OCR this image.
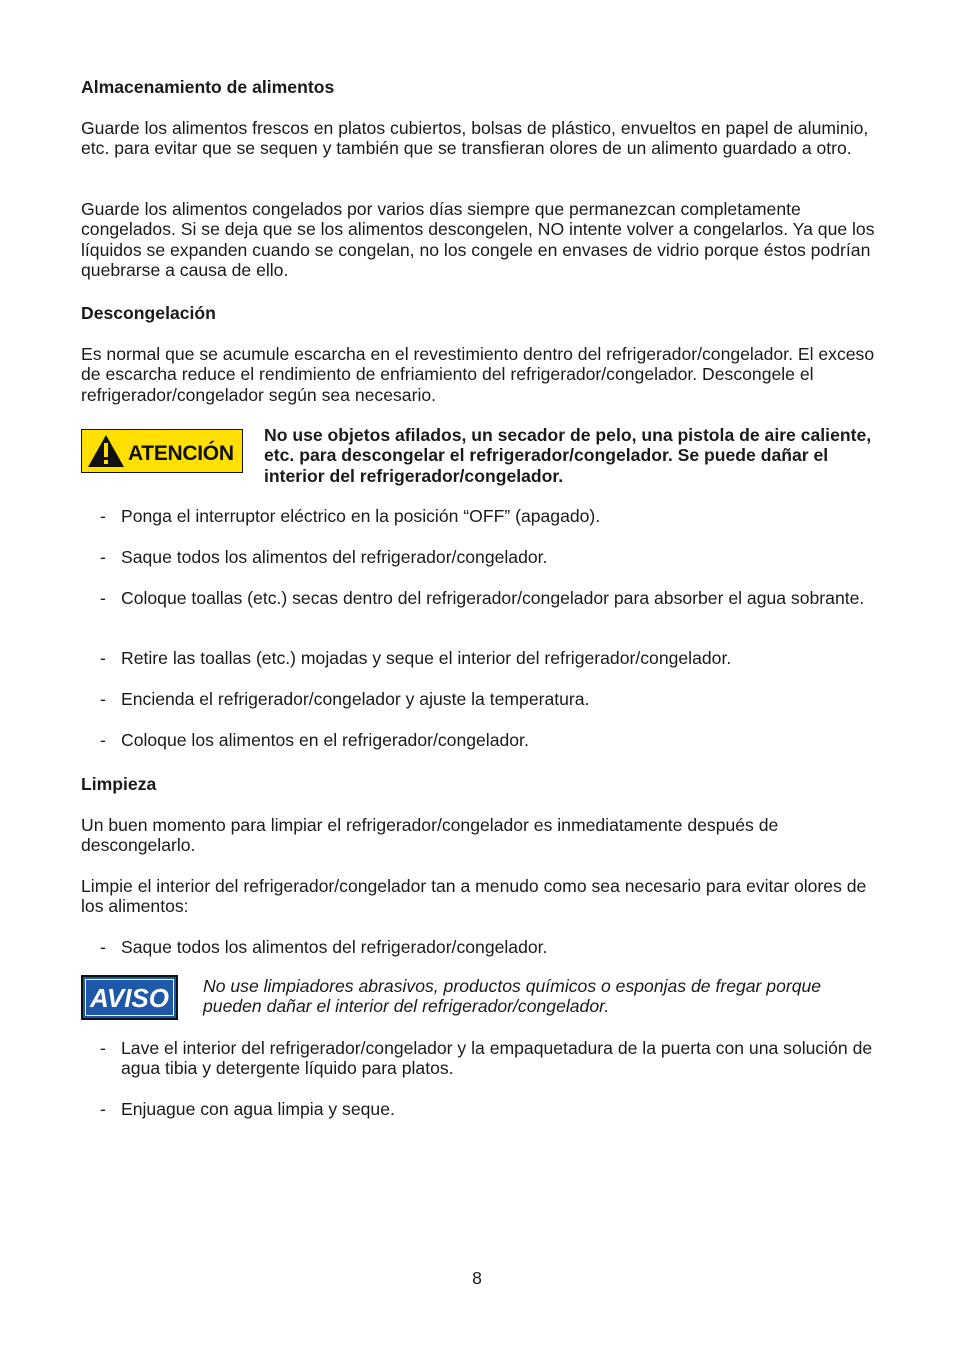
Almacenamiento de alimentos
Guarde los alimentos frescos en platos cubiertos, bolsas de plástico, envueltos en papel de aluminio, etc. para evitar que se sequen y también que se transfieran olores de un alimento guardado a otro.
Guarde los alimentos congelados por varios días siempre que permanezcan completamente congelados. Si se deja que se los alimentos descongelen, NO intente volver a congelarlos. Ya que los líquidos se expanden cuando se congelan, no los congele en envases de vidrio porque éstos podrían quebrarse a causa de ello.
Descongelación
Es normal que se acumule escarcha en el revestimiento dentro del refrigerador/congelador. El exceso de escarcha reduce el rendimiento de enfriamiento del refrigerador/congelador. Descongele el refrigerador/congelador según sea necesario.
ATENCIÓN
No use objetos afilados, un secador de pelo, una pistola de aire caliente, etc. para descongelar el refrigerador/congelador. Se puede dañar el interior del refrigerador/congelador.
- Ponga el interruptor eléctrico en la posición “OFF” (apagado).
- Saque todos los alimentos del refrigerador/congelador.
- Coloque toallas (etc.) secas dentro del refrigerador/congelador para absorber el agua sobrante.
- Retire las toallas (etc.) mojadas y seque el interior del refrigerador/congelador.
- Encienda el refrigerador/congelador y ajuste la temperatura.
- Coloque los alimentos en el refrigerador/congelador.
Limpieza
Un buen momento para limpiar el refrigerador/congelador es inmediatamente después de descongelarlo.
Limpie el interior del refrigerador/congelador tan a menudo como sea necesario para evitar olores de los alimentos:
- Saque todos los alimentos del refrigerador/congelador.
AVISO	No use limpiadores abrasivos, productos químicos o esponjas de fregar porque pueden dañar el interior del refrigerador/congelador.
- Lave el interior del refrigerador/congelador y la empaquetadura de la puerta con una solución de agua tibia y detergente líquido para platos.
- Enjuague con agua limpia y seque.
8
